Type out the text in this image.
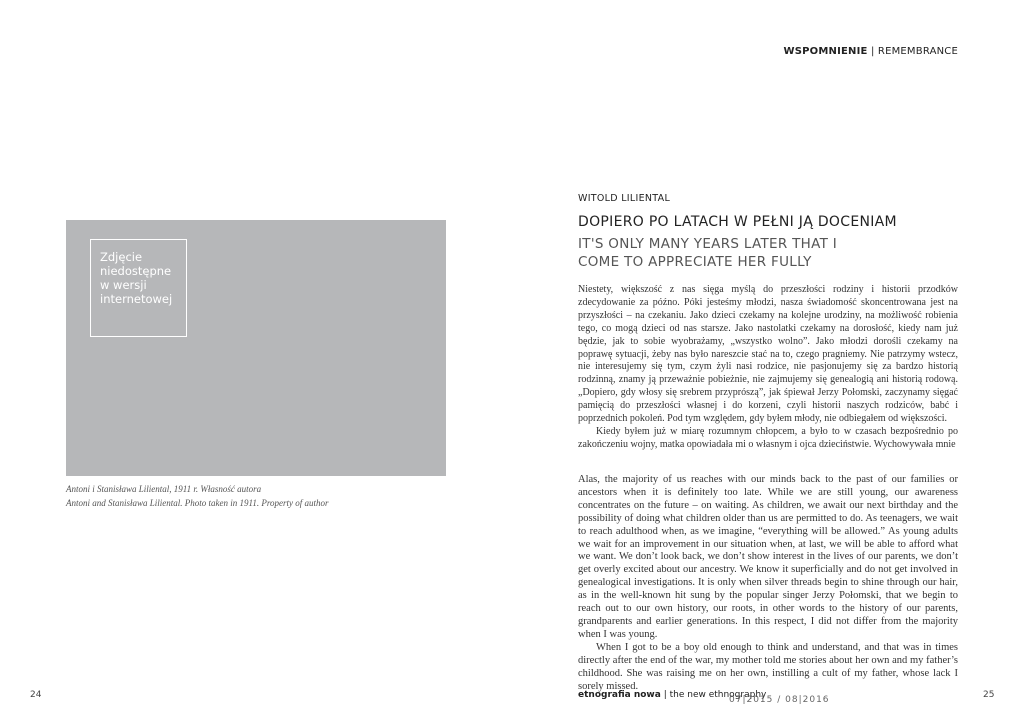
WSPOMNIENIE | REMEMBRANCE
Zdjęcie niedostępne w wersji internetowej
Antoni i Stanisława Liliental, 1911 r. Własność autora
Antoni and Stanisława Liliental. Photo taken in 1911. Property of author
WITOLD LILIENTAL
DOPIERO PO LATACH W PEŁNI JĄ DOCENIAM
IT'S ONLY MANY YEARS LATER THAT I COME TO APPRECIATE HER FULLY

Niestety, większość z nas sięga myślą do przeszłości rodziny i historii przodków zdecydowanie za późno. Póki jesteśmy młodzi, nasza świadomość skoncentrowana jest na przyszłości – na czekaniu. Jako dzieci czekamy na kolejne urodziny, na możliwość robienia tego, co mogą dzieci od nas starsze. Jako nastolatki czekamy na dorosłość, kiedy nam już będzie, jak to sobie wyobrażamy, „wszystko wolno”. Jako młodzi dorośli czekamy na poprawę sytuacji, żeby nas było nareszcie stać na to, czego pragniemy. Nie patrzymy wstecz, nie interesujemy się tym, czym żyli nasi rodzice, nie pasjonujemy się za bardzo historią rodzinną, znamy ją przeważnie pobieżnie, nie zajmujemy się genealogią ani historią rodową. „Dopiero, gdy włosy się srebrem przyprószą”, jak śpiewał Jerzy Połomski, zaczynamy sięgać pamięcią do przeszłości własnej i do korzeni, czyli historii naszych rodziców, babć i poprzednich pokoleń. Pod tym względem, gdy byłem młody, nie odbiegałem od większości.

Kiedy byłem już w miarę rozumnym chłopcem, a było to w czasach bezpośrednio po zakończeniu wojny, matka opowiadała mi o własnym i ojca dzieciństwie. Wychowywała mnie

Alas, the majority of us reaches with our minds back to the past of our families or ancestors when it is definitely too late. While we are still young, our awareness concentrates on the future – on waiting. As children, we await our next birthday and the possibility of doing what children older than us are permitted to do. As teenagers, we wait to reach adulthood when, as we imagine, “everything will be allowed.” As young adults we wait for an improvement in our situation when, at last, we will be able to afford what we want. We don’t look back, we don’t show interest in the lives of our parents, we don’t get overly excited about our ancestry. We know it superficially and do not get involved in genealogical investigations. It is only when silver threads begin to shine through our hair, as in the well-known hit sung by the popular singer Jerzy Połomski, that we begin to reach out to our own history, our roots, in other words to the history of our parents, grandparents and earlier generations. In this respect, I did not differ from the majority when I was young.

When I got to be a boy old enough to think and understand, and that was in times directly after the end of the war, my mother told me stories about her own and my father’s childhood. She was raising me on her own, instilling a cult of my father, whose lack I sorely missed.

24	etnografia nowa | the new ethnography
07|2015 / 08|2016	25
